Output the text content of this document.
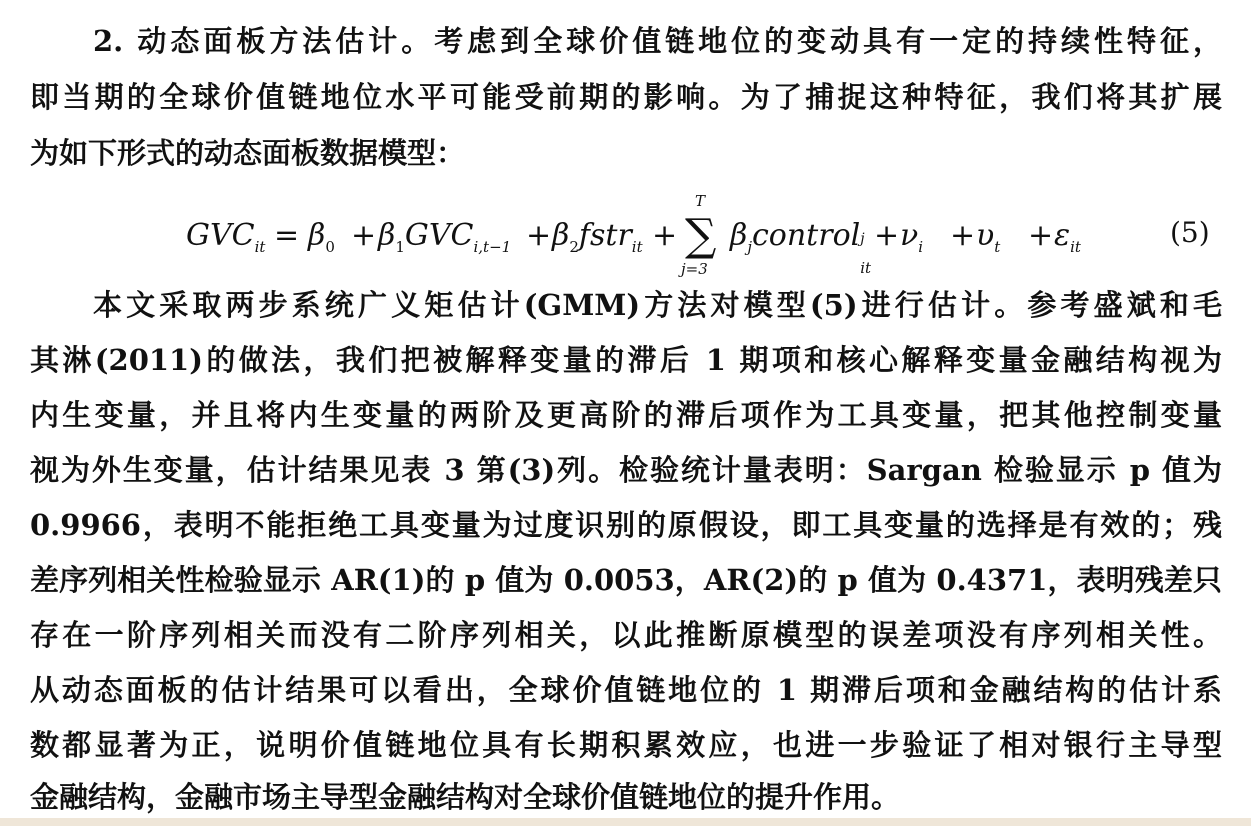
2. 动态面板方法估计。考虑到全球价值链地位的变动具有一定的持续性特征，
即当期的全球价值链地位水平可能受前期的影响。为了捕捉这种特征，我们将其扩展
为如下形式的动态面板数据模型：
$GVC_{it} = \beta_0 + \beta_1GVC_{i,t-1}$ + $\beta_2fstr_{it}$ +
T
∑
j=3
$\beta_jcontrol$ j
it
+ $\nu_i + \upsilon_t + \varepsilon_{it}$	(5)
本文采取两步系统广义矩估计(GMM)方法对模型(5)进行估计。参考盛斌和毛
其淋(2011)的做法，我们把被解释变量的滞后 1 期项和核心解释变量金融结构视为
内生变量，并且将内生变量的两阶及更高阶的滞后项作为工具变量，把其他控制变量
视为外生变量，估计结果见表 3 第(3)列。检验统计量表明：Sargan 检验显示 p 值为
0.9966，表明不能拒绝工具变量为过度识别的原假设，即工具变量的选择是有效的；残
差序列相关性检验显示 AR(1)的 p 值为 0.0053，AR(2)的 p 值为 0.4371，表明残差只
存在一阶序列相关而没有二阶序列相关，以此推断原模型的误差项没有序列相关性。
从动态面板的估计结果可以看出，全球价值链地位的 1 期滞后项和金融结构的估计系
数都显著为正，说明价值链地位具有长期积累效应，也进一步验证了相对银行主导型
金融结构，金融市场主导型金融结构对全球价值链地位的提升作用。
